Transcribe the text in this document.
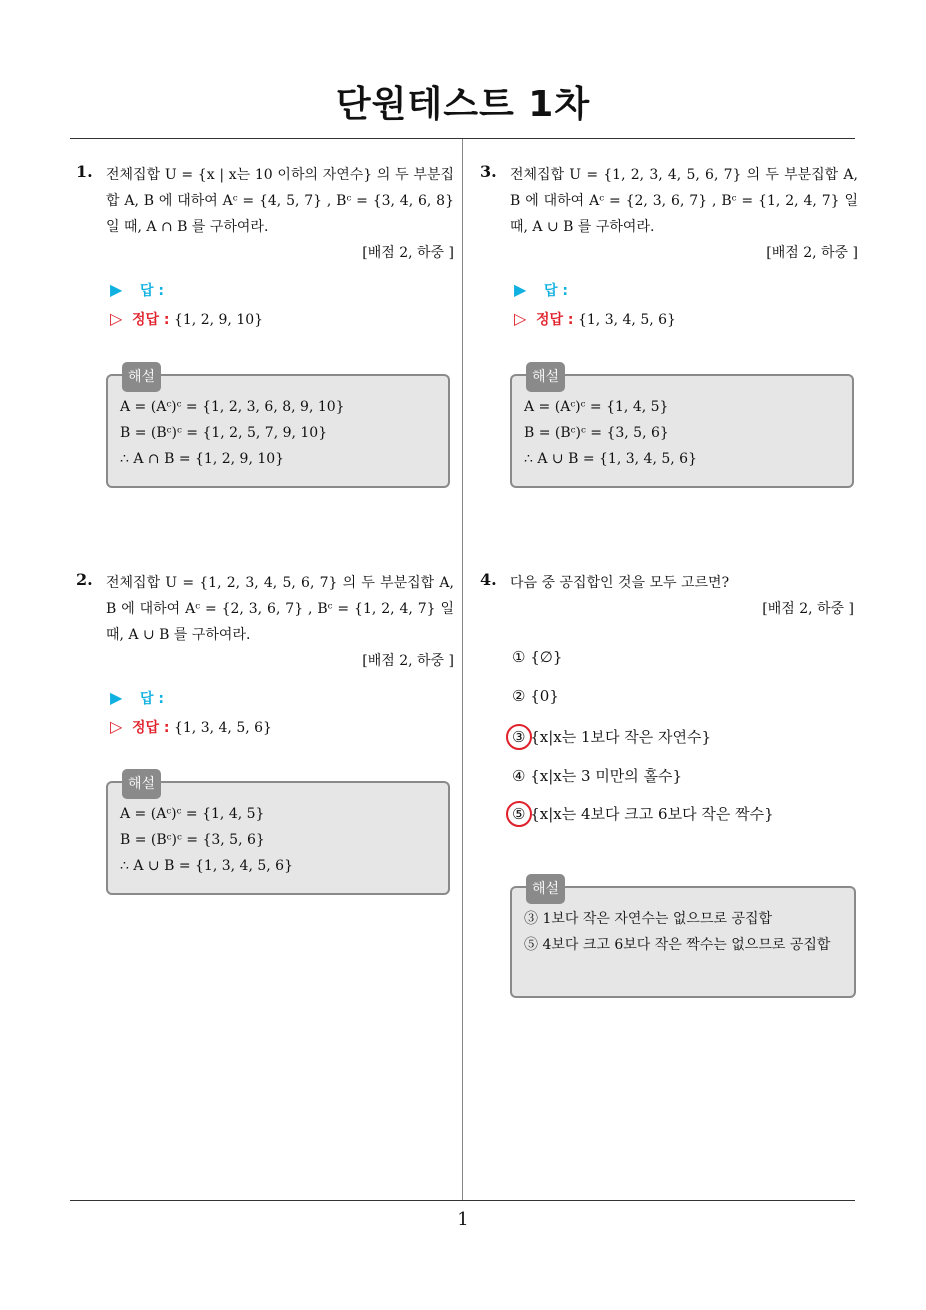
단원테스트 1차
1. 전체집합 U = {x | x는 10 이하의 자연수} 의 두 부분집합 A, B 에 대하여 Aᶜ = {4, 5, 7} , Bᶜ = {3, 4, 6, 8} 일 때, A ∩ B 를 구하여라.
[배점 2, 하중 ]
▶ 답 :
▷ 정답 : {1, 2, 9, 10}
해설
A = (Aᶜ)ᶜ = {1, 2, 3, 6, 8, 9, 10}
B = (Bᶜ)ᶜ = {1, 2, 5, 7, 9, 10}
∴ A ∩ B = {1, 2, 9, 10}
2. 전체집합 U = {1, 2, 3, 4, 5, 6, 7} 의 두 부분집합 A, B 에 대하여 Aᶜ = {2, 3, 6, 7} , Bᶜ = {1, 2, 4, 7} 일 때, A ∪ B 를 구하여라.
[배점 2, 하중 ]
▶ 답 :
▷ 정답 : {1, 3, 4, 5, 6}
해설
A = (Aᶜ)ᶜ = {1, 4, 5}
B = (Bᶜ)ᶜ = {3, 5, 6}
∴ A ∪ B = {1, 3, 4, 5, 6}
3. 전체집합 U = {1, 2, 3, 4, 5, 6, 7} 의 두 부분집합 A, B 에 대하여 Aᶜ = {2, 3, 6, 7} , Bᶜ = {1, 2, 4, 7} 일 때, A ∪ B 를 구하여라.
[배점 2, 하중 ]
▶ 답 :
▷ 정답 : {1, 3, 4, 5, 6}
해설
A = (Aᶜ)ᶜ = {1, 4, 5}
B = (Bᶜ)ᶜ = {3, 5, 6}
∴ A ∪ B = {1, 3, 4, 5, 6}
4. 다음 중 공집합인 것을 모두 고르면?
[배점 2, 하중 ]
① {∅}
② {0}
③ {x|x는 1보다 작은 자연수}
④ {x|x는 3 미만의 홀수}
⑤ {x|x는 4보다 크고 6보다 작은 짝수}
해설
③ 1보다 작은 자연수는 없으므로 공집합
⑤ 4보다 크고 6보다 작은 짝수는 없으므로 공집합
1
